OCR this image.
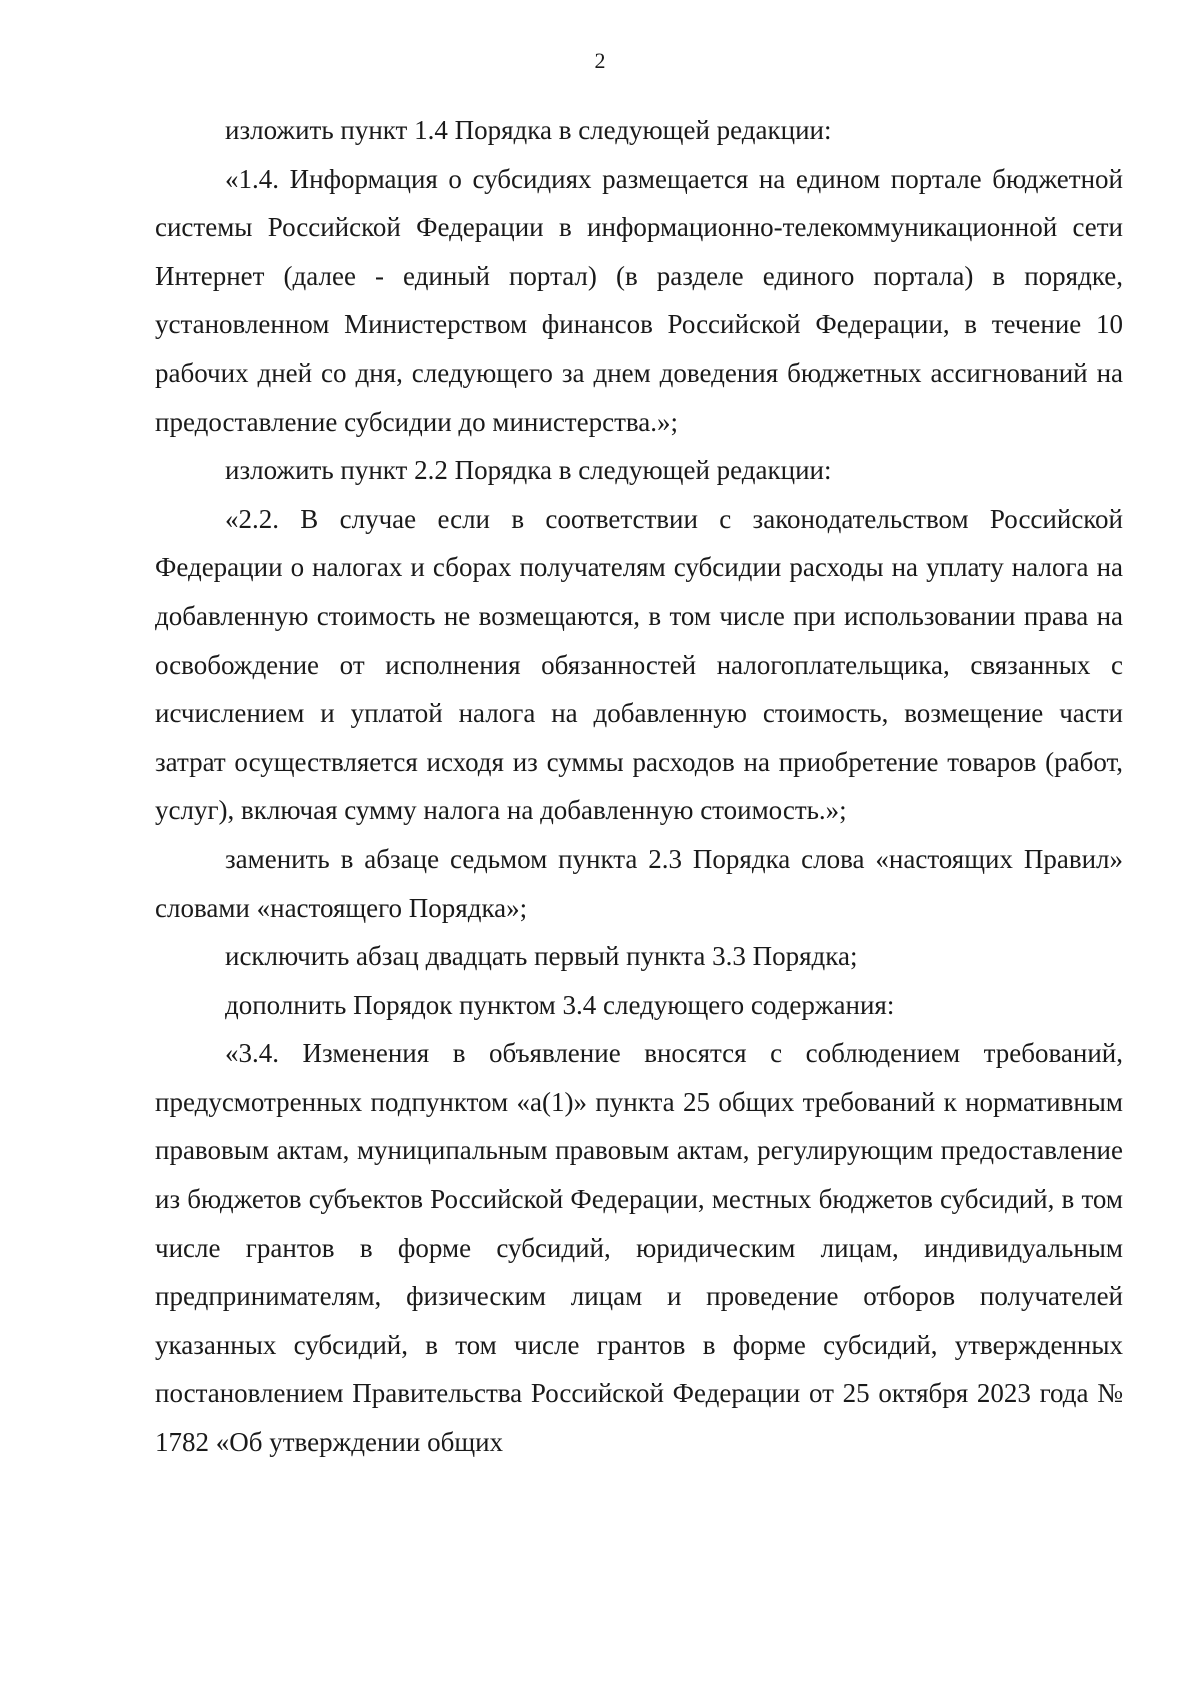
2

изложить пункт 1.4 Порядка в следующей редакции:

«1.4. Информация о субсидиях размещается на едином портале бюджетной системы Российской Федерации в информационно-телекоммуникационной сети Интернет (далее - единый портал) (в разделе единого портала) в порядке, установленном Министерством финансов Российской Федерации, в течение 10 рабочих дней со дня, следующего за днем доведения бюджетных ассигнований на предоставление субсидии до министерства.»;

изложить пункт 2.2 Порядка в следующей редакции:

«2.2. В случае если в соответствии с законодательством Российской Федерации о налогах и сборах получателям субсидии расходы на уплату налога на добавленную стоимость не возмещаются, в том числе при использовании права на освобождение от исполнения обязанностей налогоплательщика, связанных с исчислением и уплатой налога на добавленную стоимость, возмещение части затрат осуществляется исходя из суммы расходов на приобретение товаров (работ, услуг), включая сумму налога на добавленную стоимость.»;

заменить в абзаце седьмом пункта 2.3 Порядка слова «настоящих Правил» словами «настоящего Порядка»;

исключить абзац двадцать первый пункта 3.3 Порядка;

дополнить Порядок пунктом 3.4 следующего содержания:

«3.4. Изменения в объявление вносятся с соблюдением требований, предусмотренных подпунктом «а(1)» пункта 25 общих требований к нормативным правовым актам, муниципальным правовым актам, регулирующим предоставление из бюджетов субъектов Российской Федерации, местных бюджетов субсидий, в том числе грантов в форме субсидий, юридическим лицам, индивидуальным предпринимателям, физическим лицам и проведение отборов получателей указанных субсидий, в том числе грантов в форме субсидий, утвержденных постановлением Правительства Российской Федерации от 25 октября 2023 года № 1782 «Об утверждении общих
